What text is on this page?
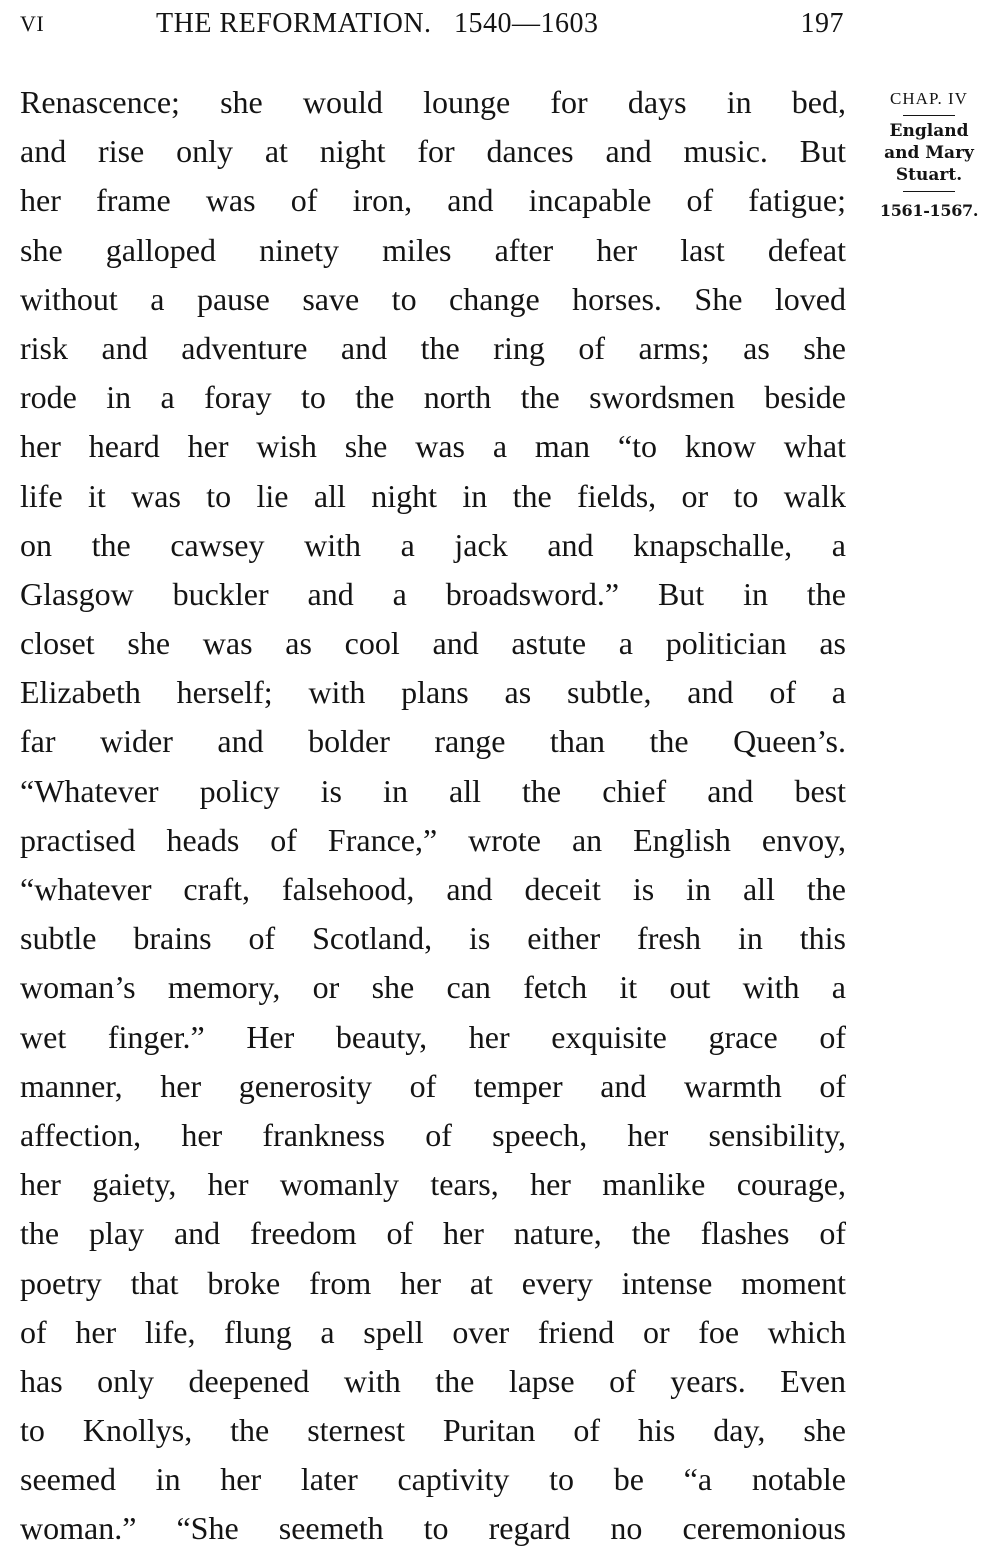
VI	THE REFORMATION.   1540—1603	197
Renascence; she would lounge for days in bed,
and rise only at night for dances and music. But
her frame was of iron, and incapable of fatigue;
she galloped ninety miles after her last defeat
without a pause save to change horses. She loved
risk and adventure and the ring of arms; as she
rode in a foray to the north the swordsmen beside
her heard her wish she was a man “to know what
life it was to lie all night in the fields, or to walk
on the cawsey with a jack and knapschalle, a
Glasgow buckler and a broadsword.” But in the
closet she was as cool and astute a politician as
Elizabeth herself; with plans as subtle, and of a
far wider and bolder range than the Queen’s.
“Whatever policy is in all the chief and best
practised heads of France,” wrote an English envoy,
“whatever craft, falsehood, and deceit is in all the
subtle brains of Scotland, is either fresh in this
woman’s memory, or she can fetch it out with a
wet finger.” Her beauty, her exquisite grace of
manner, her generosity of temper and warmth of
affection, her frankness of speech, her sensibility,
her gaiety, her womanly tears, her manlike courage,
the play and freedom of her nature, the flashes of
poetry that broke from her at every intense moment
of her life, flung a spell over friend or foe which
has only deepened with the lapse of years. Even
to Knollys, the sternest Puritan of his day, she
seemed in her later captivity to be “a notable
woman.” “She seemeth to regard no ceremonious
CHAP. IV
England
and Mary
Stuart.
1561-1567.
